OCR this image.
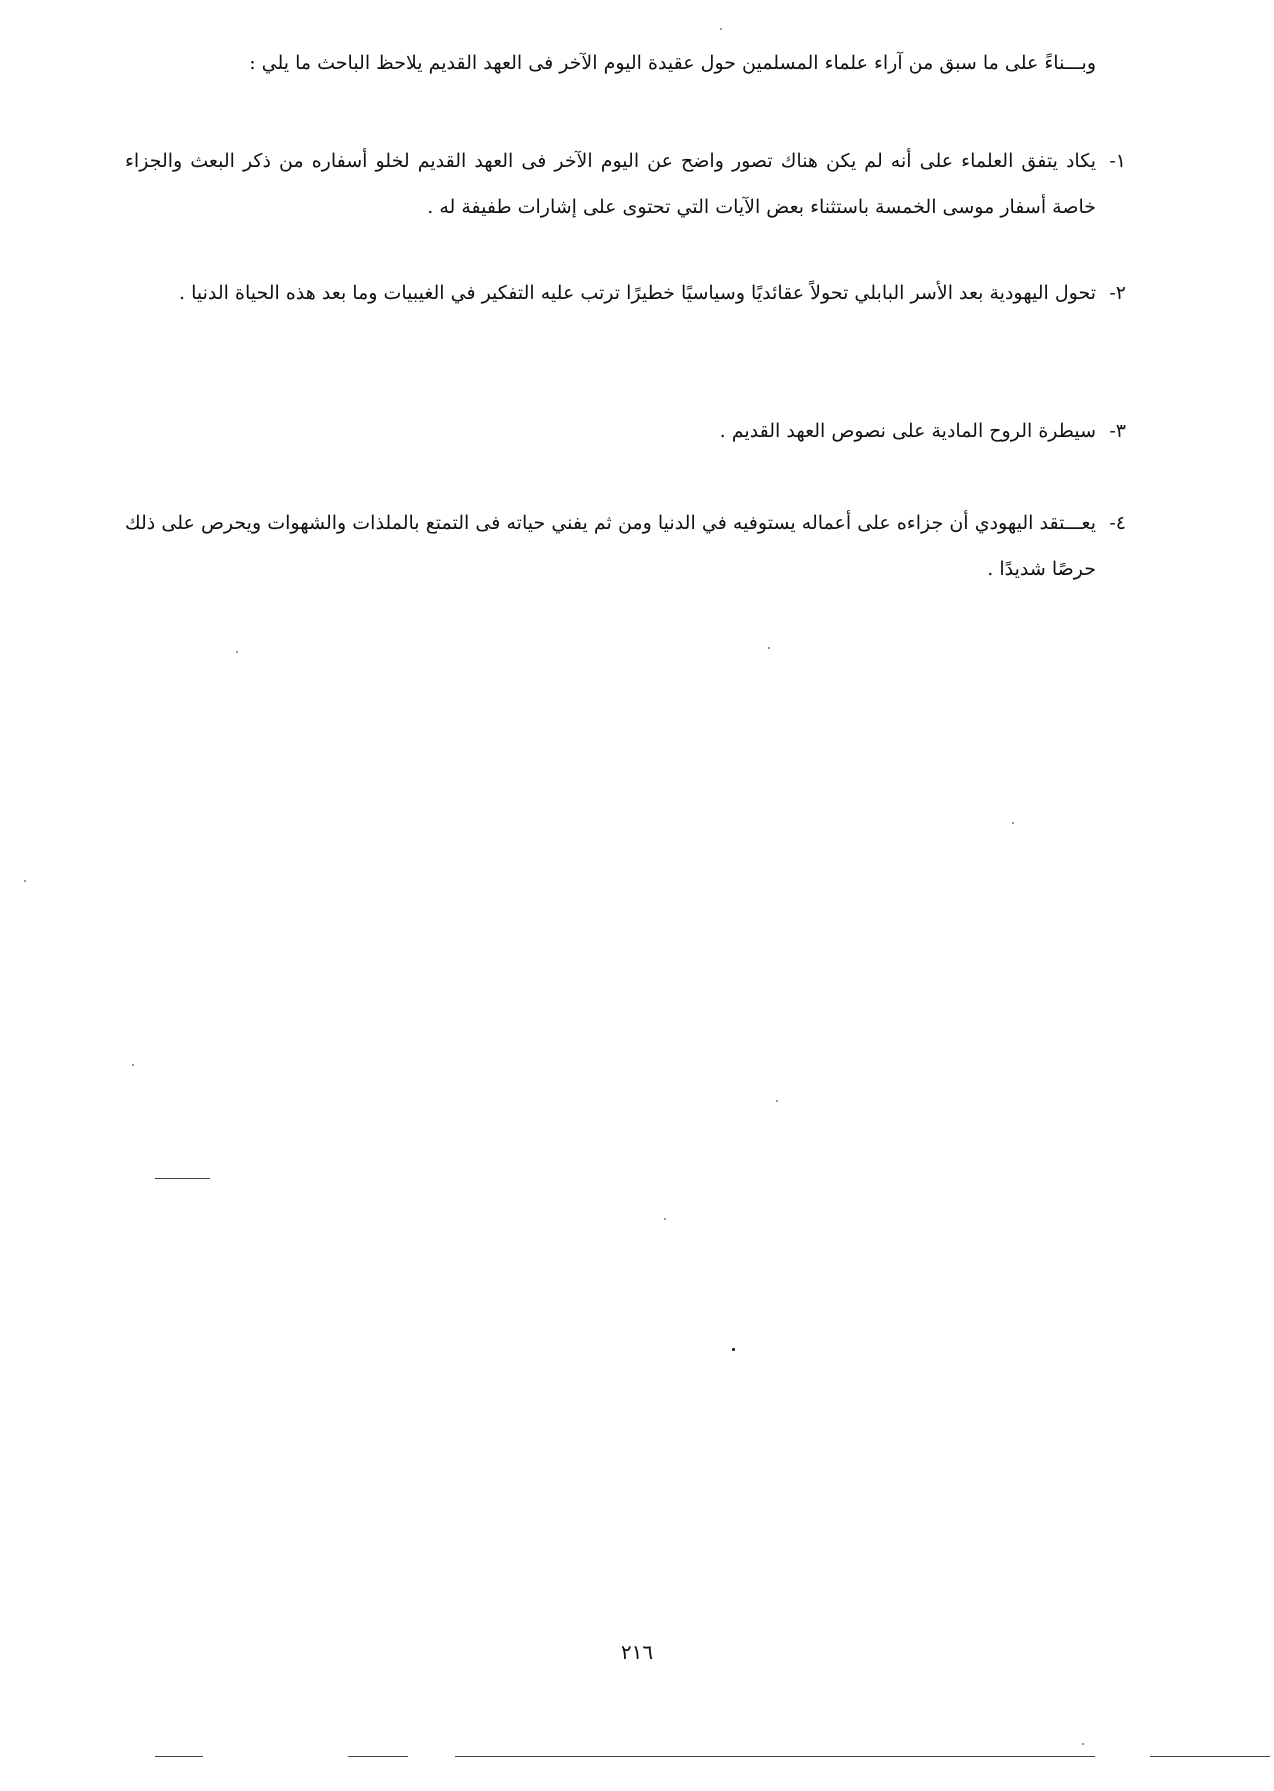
وبـــناءً على ما سبق من آراء علماء المسلمين حول عقيدة اليوم الآخر فى العهد القديم يلاحظ الباحث ما يلي :
١-
يكاد يتفق العلماء على أنه لم يكن هناك تصور واضح عن اليوم الآخر فى العهد القديم لخلو أسفاره من ذكر البعث والجزاء خاصة أسفار موسى الخمسة باستثناء بعض الآيات التي تحتوى على إشارات طفيفة له .
٢-
تحول اليهودية بعد الأسر البابلي تحولاً عقائديًا وسياسيًا خطيرًا ترتب عليه التفكير في الغيبيات وما بعد هذه الحياة الدنيا .
٣-
سيطرة الروح المادية على نصوص العهد القديم .
٤-
يعـــتقد اليهودي أن جزاءه على أعماله يستوفيه في الدنيا ومن ثم يفني حياته فى التمتع بالملذات والشهوات ويحرص على ذلك حرصًا شديدًا .
٢١٦
